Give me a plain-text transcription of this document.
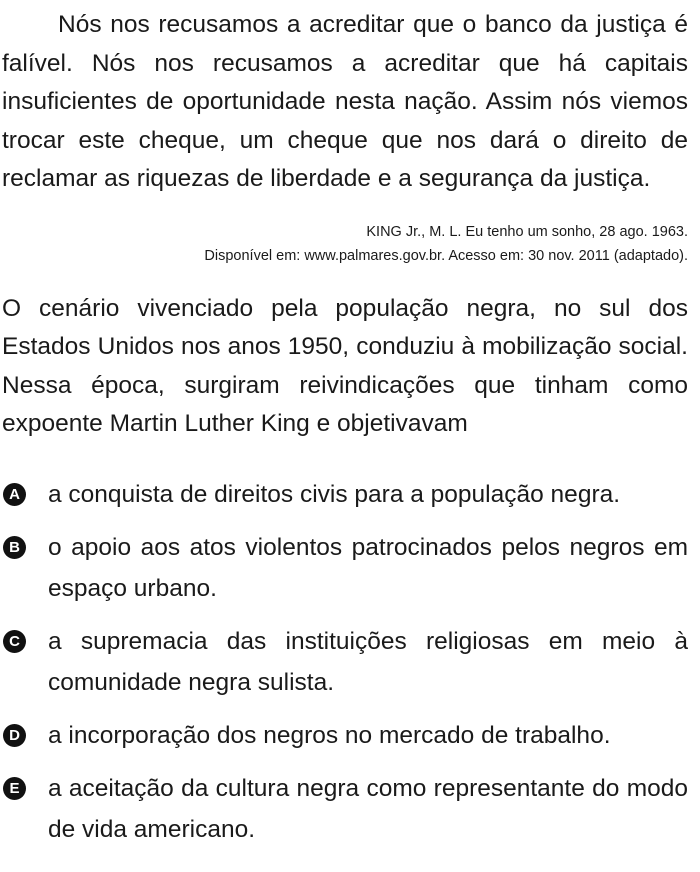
Nós nos recusamos a acreditar que o banco da justiça é falível. Nós nos recusamos a acreditar que há capitais insuficientes de oportunidade nesta nação. Assim nós viemos trocar este cheque, um cheque que nos dará o direito de reclamar as riquezas de liberdade e a segurança da justiça.

KING Jr., M. L. Eu tenho um sonho, 28 ago. 1963.
Disponível em: www.palmares.gov.br. Acesso em: 30 nov. 2011 (adaptado).

O cenário vivenciado pela população negra, no sul dos Estados Unidos nos anos 1950, conduziu à mobilização social. Nessa época, surgiram reivindicações que tinham como expoente Martin Luther King e objetivavam

A a conquista de direitos civis para a população negra.
B o apoio aos atos violentos patrocinados pelos negros em espaço urbano.
C a supremacia das instituições religiosas em meio à comunidade negra sulista.
D a incorporação dos negros no mercado de trabalho.
E a aceitação da cultura negra como representante do modo de vida americano.
